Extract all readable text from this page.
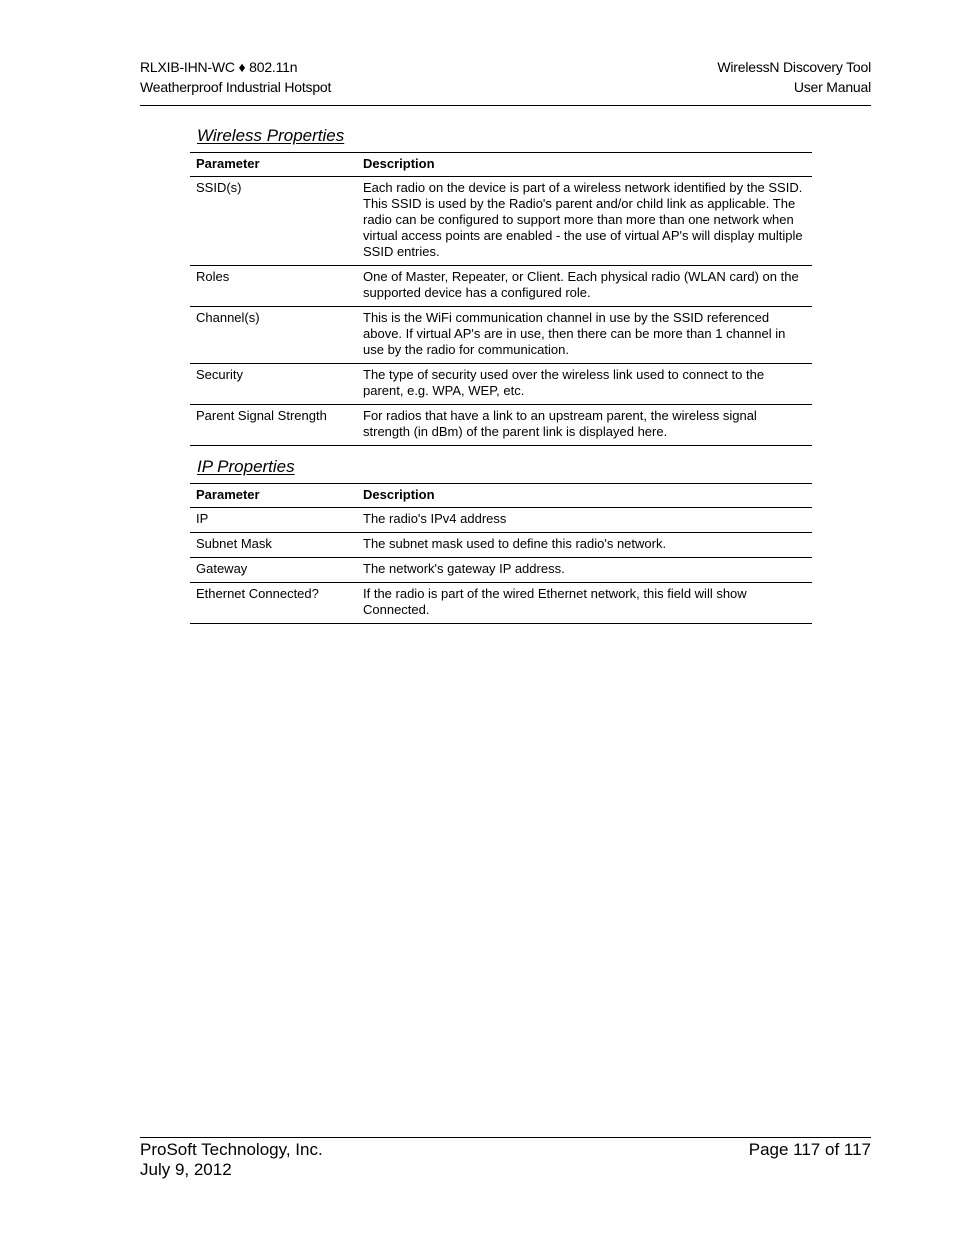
RLXIB-IHN-WC ♦ 802.11n
Weatherproof Industrial Hotspot
WirelessN Discovery Tool
User Manual
Wireless Properties
Parameter	Description
SSID(s)	Each radio on the device is part of a wireless network identified by the SSID. This SSID is used by the Radio's parent and/or child link as applicable. The radio can be configured to support more than more than one network when virtual access points are enabled - the use of virtual AP's will display multiple SSID entries.
Roles	One of Master, Repeater, or Client. Each physical radio (WLAN card) on the supported device has a configured role.
Channel(s)	This is the WiFi communication channel in use by the SSID referenced above. If virtual AP's are in use, then there can be more than 1 channel in use by the radio for communication.
Security	The type of security used over the wireless link used to connect to the parent, e.g. WPA, WEP, etc.
Parent Signal Strength	For radios that have a link to an upstream parent, the wireless signal strength (in dBm) of the parent link is displayed here.
IP Properties
Parameter	Description
IP	The radio's IPv4 address
Subnet Mask	The subnet mask used to define this radio's network.
Gateway	The network's gateway IP address.
Ethernet Connected?	If the radio is part of the wired Ethernet network, this field will show Connected.
ProSoft Technology, Inc.
July 9, 2012
Page 117 of 117
